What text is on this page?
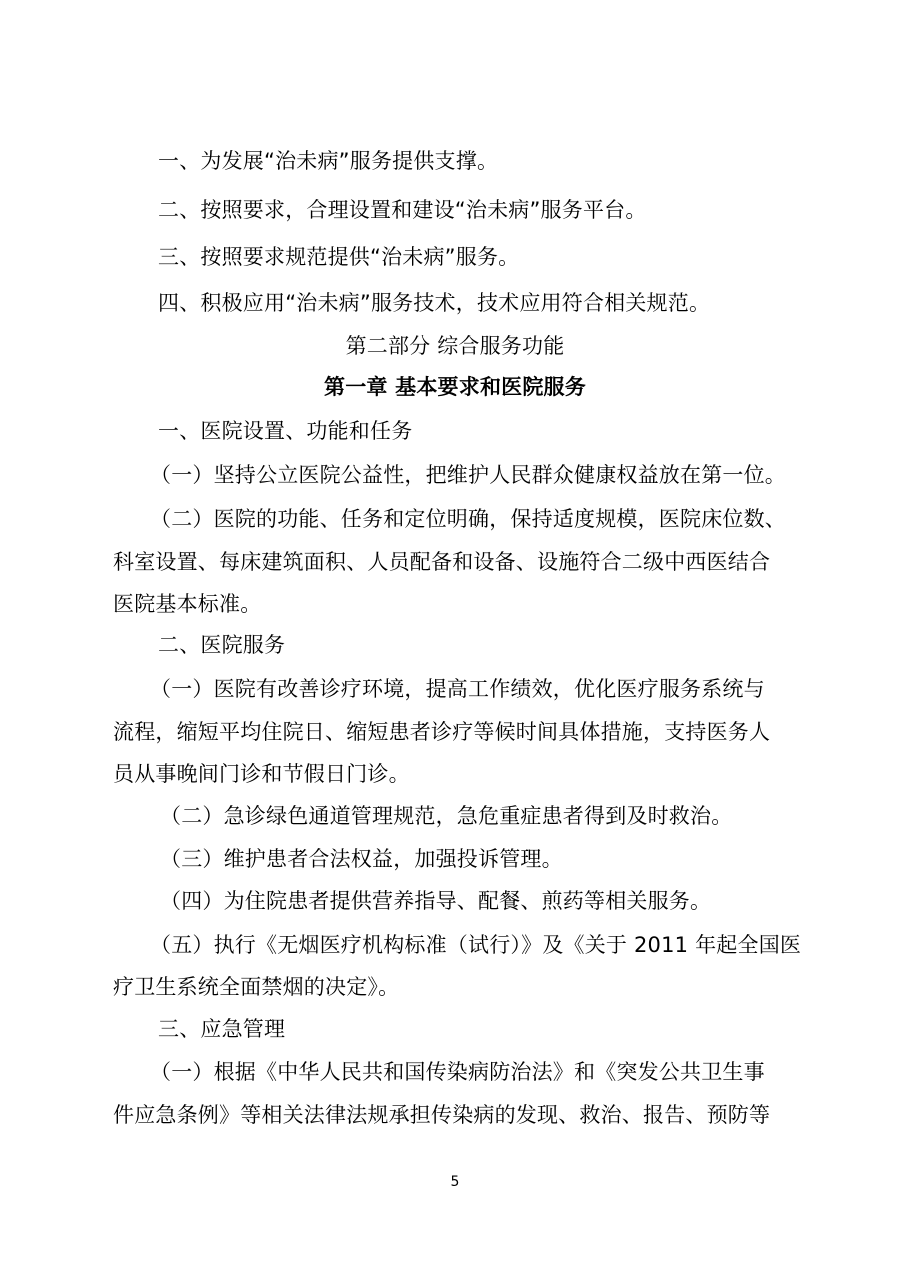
一、为发展“治未病”服务提供支撑。
二、按照要求，合理设置和建设“治未病”服务平台。
三、按照要求规范提供“治未病”服务。
四、积极应用“治未病”服务技术，技术应用符合相关规范。
第二部分 综合服务功能
第一章 基本要求和医院服务
一、医院设置、功能和任务
（一）坚持公立医院公益性，把维护人民群众健康权益放在第一位。
（二）医院的功能、任务和定位明确，保持适度规模，医院床位数、
科室设置、每床建筑面积、人员配备和设备、设施符合二级中西医结合
医院基本标准。
二、医院服务
（一）医院有改善诊疗环境，提高工作绩效，优化医疗服务系统与
流程，缩短平均住院日、缩短患者诊疗等候时间具体措施，支持医务人
员从事晚间门诊和节假日门诊。
（二）急诊绿色通道管理规范，急危重症患者得到及时救治。
（三）维护患者合法权益，加强投诉管理。
（四）为住院患者提供营养指导、配餐、煎药等相关服务。
（五）执行《无烟医疗机构标准（试行）》及《关于 2011 年起全国医
疗卫生系统全面禁烟的决定》。
三、应急管理
（一）根据《中华人民共和国传染病防治法》和《突发公共卫生事
件应急条例》等相关法律法规承担传染病的发现、救治、报告、预防等
5
